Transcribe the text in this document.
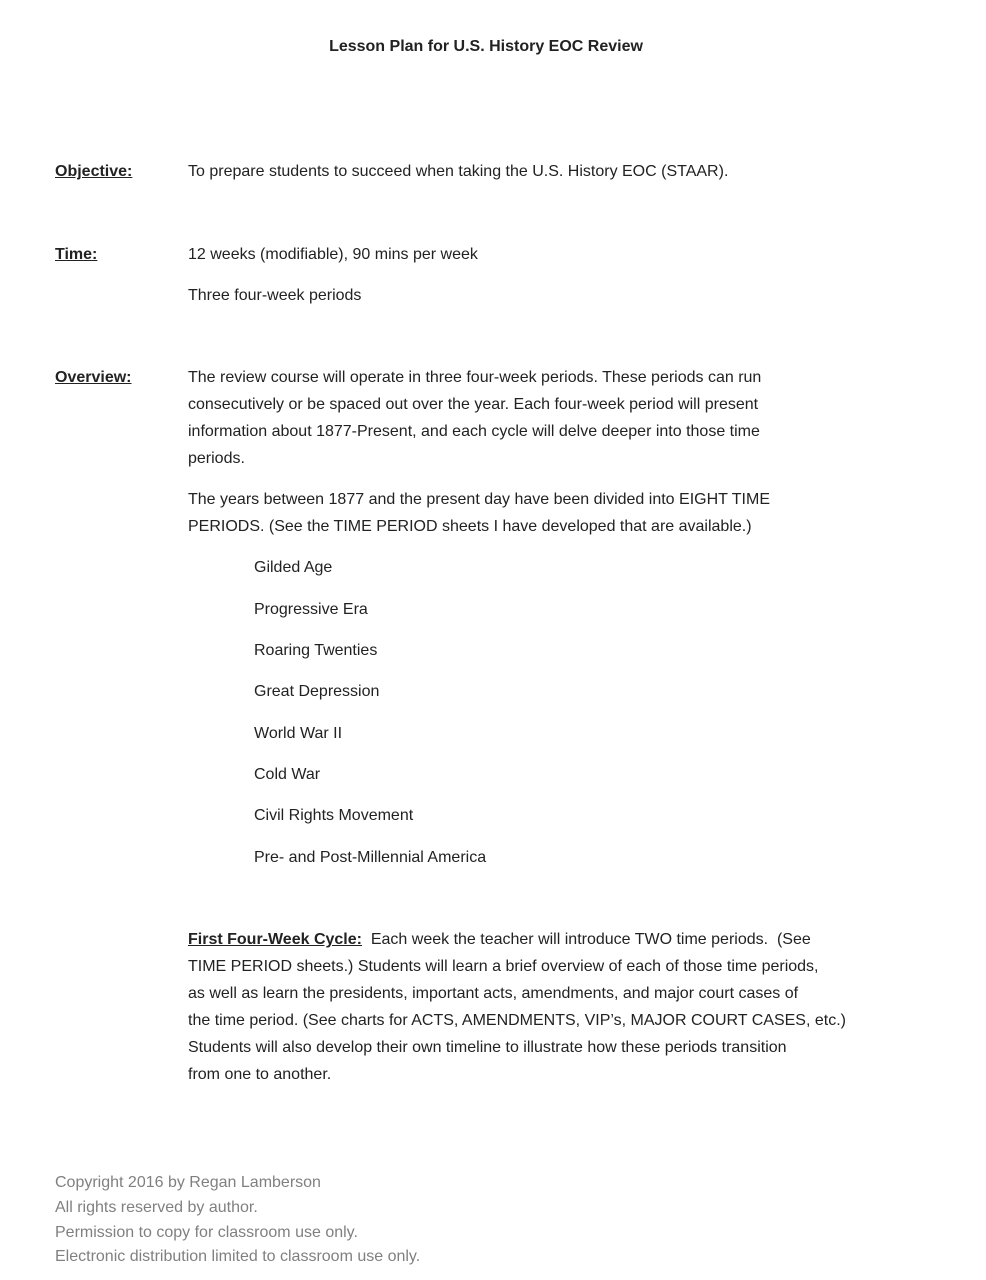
Lesson Plan for U.S. History EOC Review
Objective:	To prepare students to succeed when taking the U.S. History EOC (STAAR).
Time:	12 weeks (modifiable), 90 mins per week
Three four-week periods
Overview:	The review course will operate in three four-week periods. These periods can run
consecutively or be spaced out over the year. Each four-week period will present
information about 1877-Present, and each cycle will delve deeper into those time
periods.
The years between 1877 and the present day have been divided into EIGHT TIME
PERIODS. (See the TIME PERIOD sheets I have developed that are available.)
Gilded Age
Progressive Era
Roaring Twenties
Great Depression
World War II
Cold War
Civil Rights Movement
Pre- and Post-Millennial America
First Four-Week Cycle:  Each week the teacher will introduce TWO time periods.  (See
TIME PERIOD sheets.) Students will learn a brief overview of each of those time periods,
as well as learn the presidents, important acts, amendments, and major court cases of
the time period. (See charts for ACTS, AMENDMENTS, VIP’s, MAJOR COURT CASES, etc.)
Students will also develop their own timeline to illustrate how these periods transition
from one to another.
Copyright 2016 by Regan Lamberson
All rights reserved by author.
Permission to copy for classroom use only.
Electronic distribution limited to classroom use only.
